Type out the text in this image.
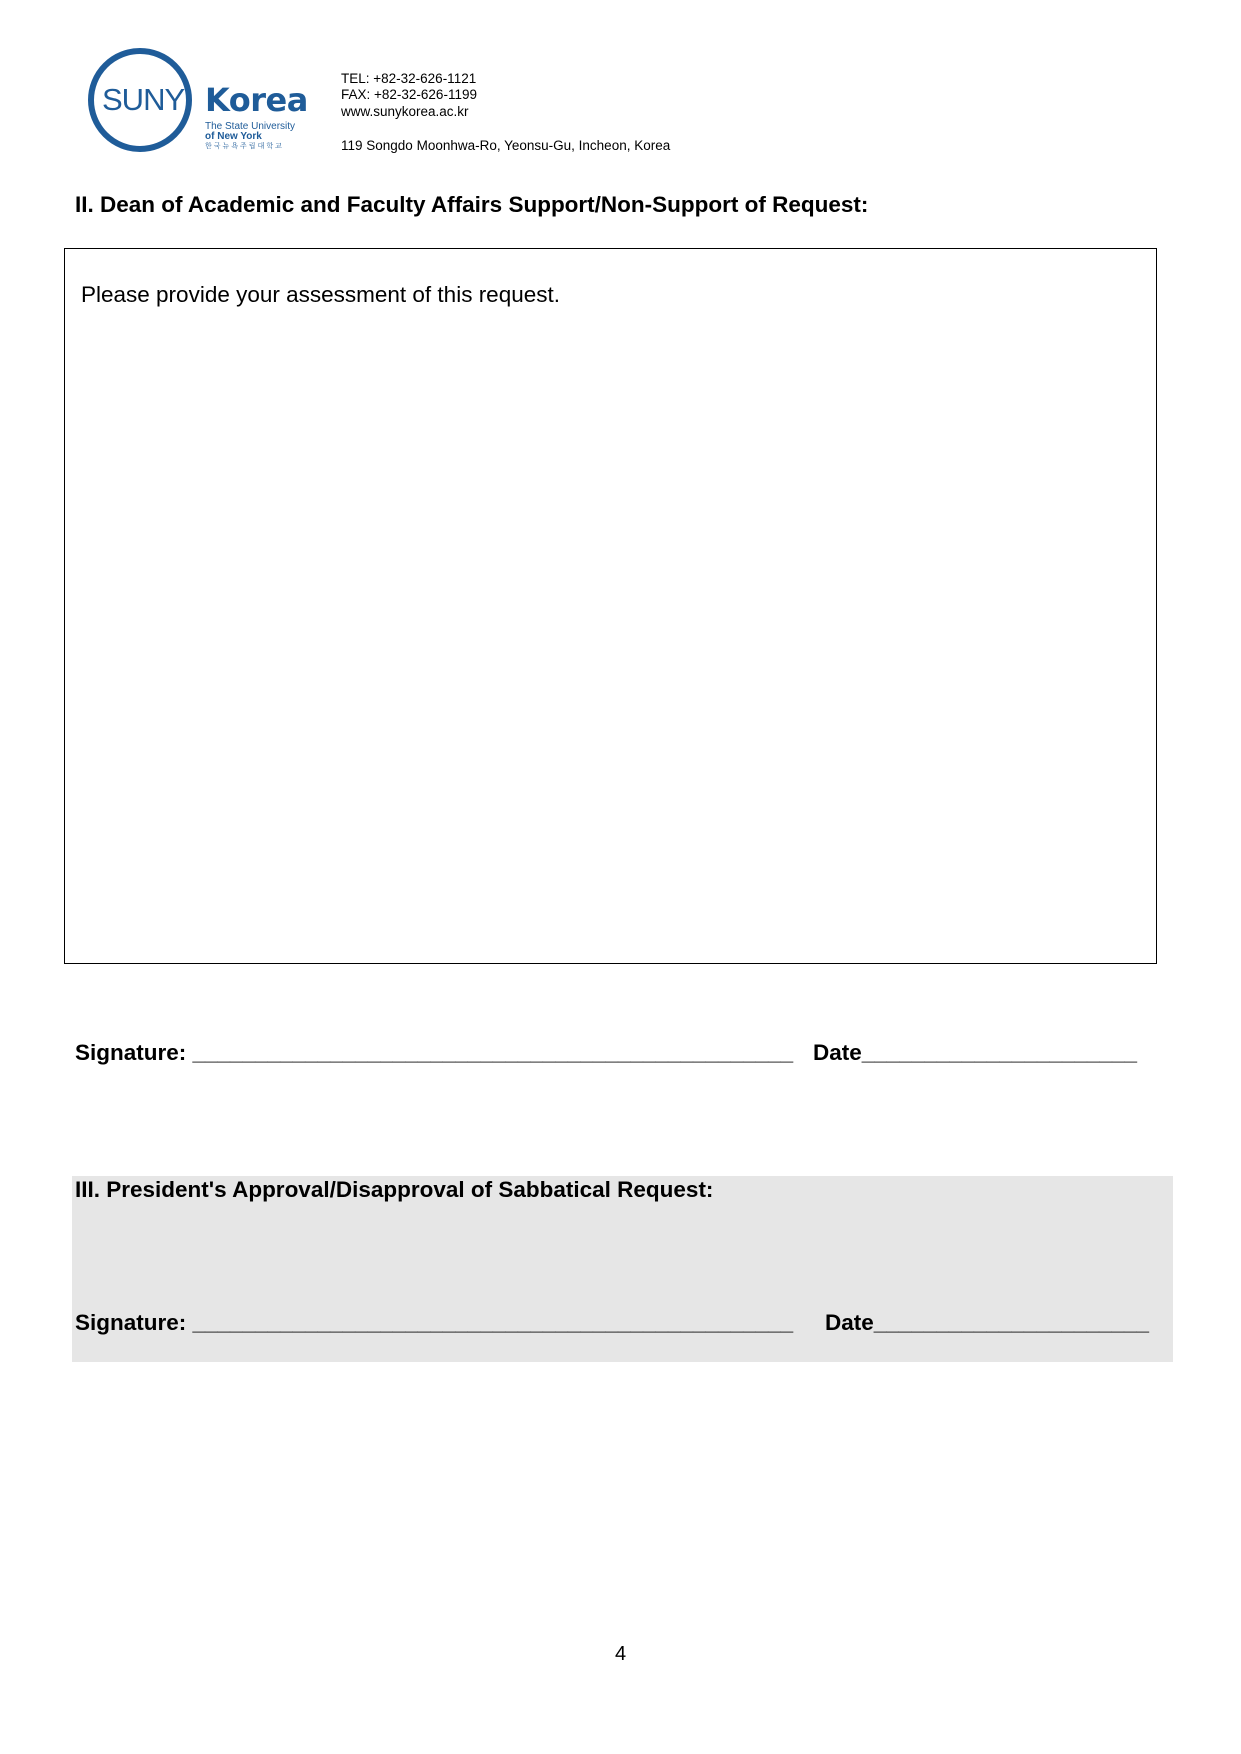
SUNY Korea
The State University
of New York
한국뉴욕주립대학교
TEL: +82-32-626-1121
FAX: +82-32-626-1199
www.sunykorea.ac.kr
119 Songdo Moonhwa-Ro, Yeonsu-Gu, Incheon, Korea
II. Dean of Academic and Faculty Affairs Support/Non-Support of Request:
Please provide your assessment of this request.
Signature: ________________________________________________ Date______________________
III. President's Approval/Disapproval of Sabbatical Request:
Signature: ________________________________________________ Date______________________
4
